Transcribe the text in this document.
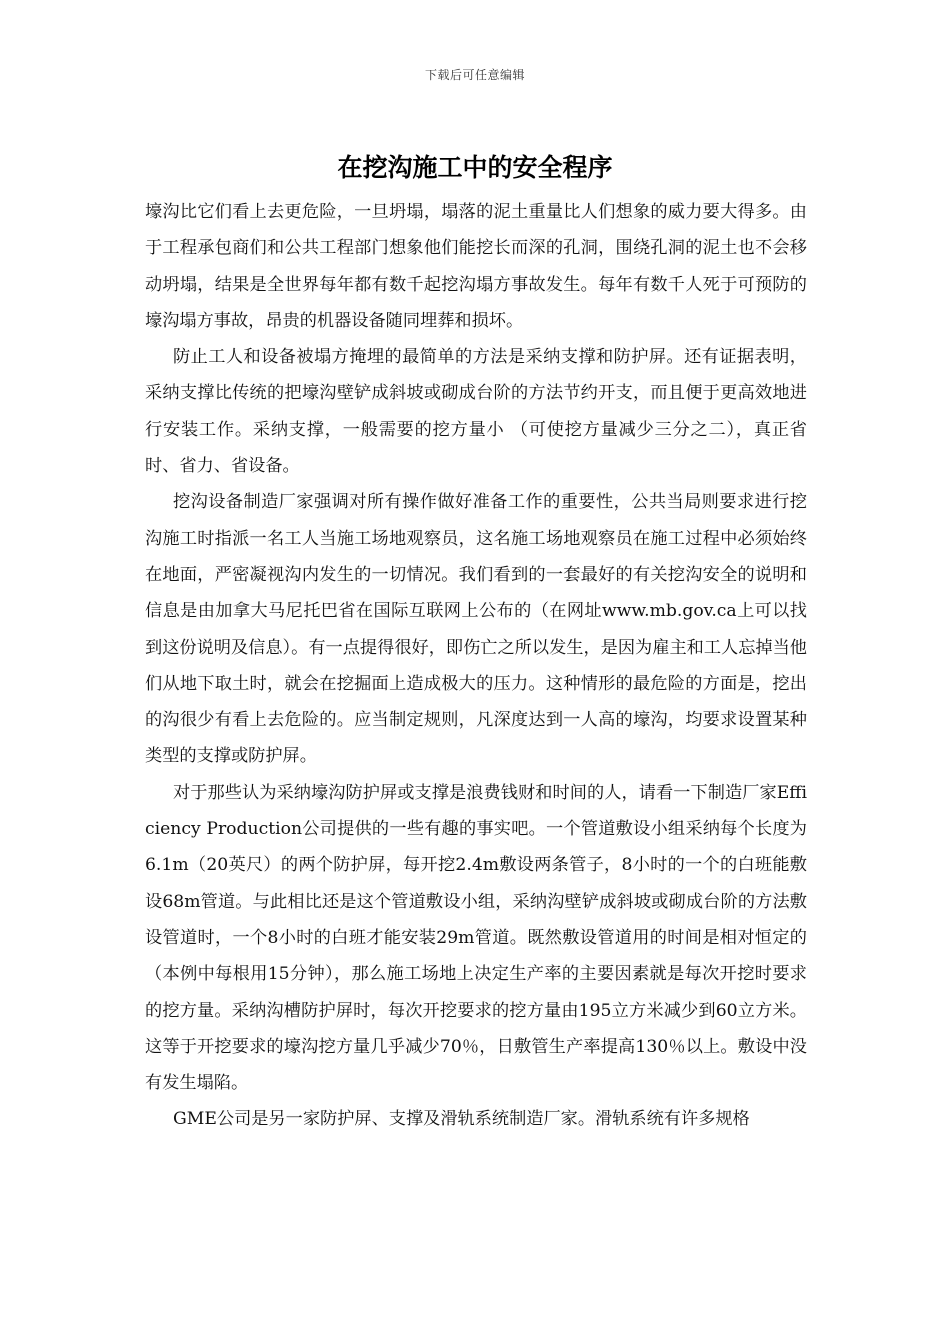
下载后可任意编辑
在挖沟施工中的安全程序

壕沟比它们看上去更危险，一旦坍塌，塌落的泥土重量比人们想象的威力要大得多。由于工程承包商们和公共工程部门想象他们能挖长而深的孔洞，围绕孔洞的泥土也不会移动坍塌，结果是全世界每年都有数千起挖沟塌方事故发生。每年有数千人死于可预防的壕沟塌方事故，昂贵的机器设备随同埋葬和损坏。

防止工人和设备被塌方掩埋的最简单的方法是采纳支撑和防护屏。还有证据表明，采纳支撑比传统的把壕沟壁铲成斜坡或砌成台阶的方法节约开支，而且便于更高效地进行安装工作。采纳支撑，一般需要的挖方量小 （可使挖方量减少三分之二），真正省时、省力、省设备。

挖沟设备制造厂家强调对所有操作做好准备工作的重要性，公共当局则要求进行挖沟施工时指派一名工人当施工场地观察员，这名施工场地观察员在施工过程中必须始终在地面，严密凝视沟内发生的一切情况。我们看到的一套最好的有关挖沟安全的说明和信息是由加拿大马尼托巴省在国际互联网上公布的（在网址www.mb.gov.ca上可以找到这份说明及信息）。有一点提得很好，即伤亡之所以发生，是因为雇主和工人忘掉当他们从地下取土时，就会在挖掘面上造成极大的压力。这种情形的最危险的方面是，挖出的沟很少有看上去危险的。应当制定规则，凡深度达到一人高的壕沟，均要求设置某种类型的支撑或防护屏。

对于那些认为采纳壕沟防护屏或支撑是浪费钱财和时间的人，请看一下制造厂家Efficiency Production公司提供的一些有趣的事实吧。一个管道敷设小组采纳每个长度为6.1m（20英尺）的两个防护屏，每开挖2.4m敷设两条管子，8小时的一个的白班能敷设68m管道。与此相比还是这个管道敷设小组，采纳沟壁铲成斜坡或砌成台阶的方法敷设管道时，一个8小时的白班才能安装29m管道。既然敷设管道用的时间是相对恒定的（本例中每根用15分钟），那么施工场地上决定生产率的主要因素就是每次开挖时要求的挖方量。采纳沟槽防护屏时，每次开挖要求的挖方量由195立方米减少到60立方米。这等于开挖要求的壕沟挖方量几乎减少70％，日敷管生产率提高130％以上。敷设中没有发生塌陷。

GME公司是另一家防护屏、支撑及滑轨系统制造厂家。滑轨系统有许多规格
